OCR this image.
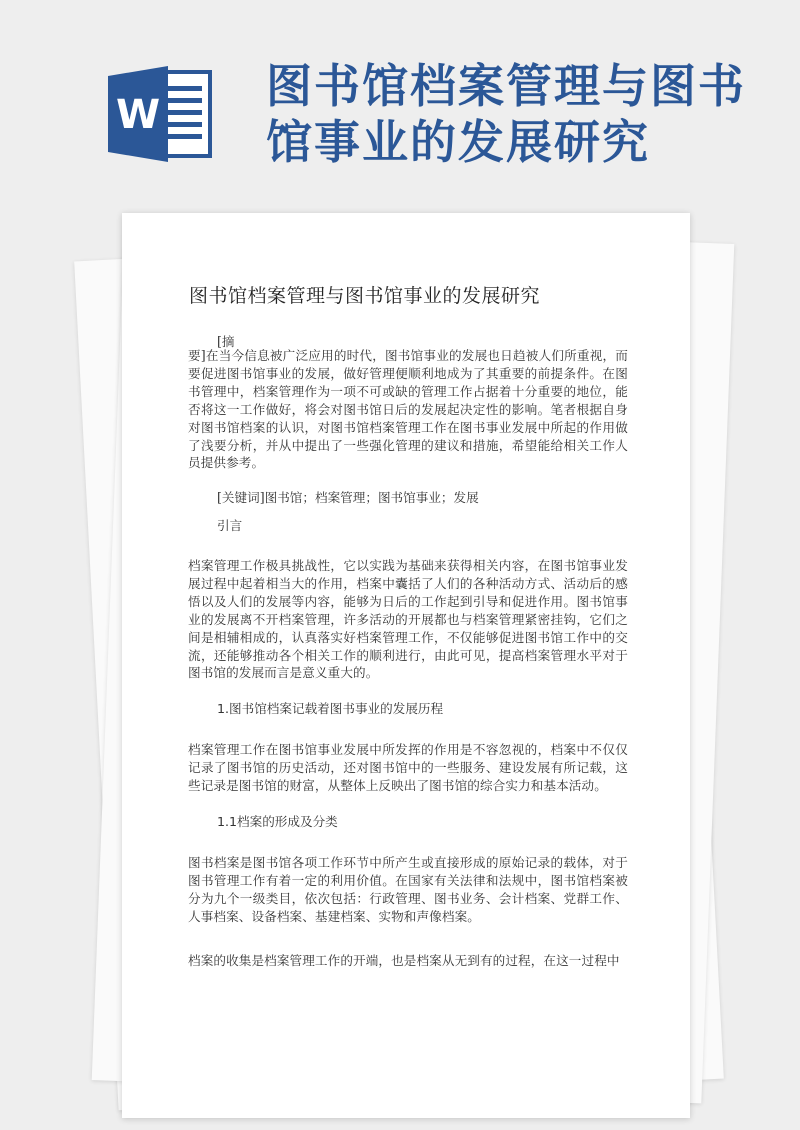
W
图书馆档案管理与图书馆事业的发展研究
图书馆档案管理与图书馆事业的发展研究

[摘

要]在当今信息被广泛应用的时代，图书馆事业的发展也日趋被人们所重视，而要促进图书馆事业的发展，做好管理便顺利地成为了其重要的前提条件。在图书管理中，档案管理作为一项不可或缺的管理工作占据着十分重要的地位，能否将这一工作做好，将会对图书馆日后的发展起决定性的影响。笔者根据自身对图书馆档案的认识，对图书馆档案管理工作在图书事业发展中所起的作用做了浅要分析，并从中提出了一些强化管理的建议和措施，希望能给相关工作人员提供参考。

[关键词]图书馆；档案管理；图书馆事业；发展

引言

档案管理工作极具挑战性，它以实践为基础来获得相关内容，在图书馆事业发展过程中起着相当大的作用，档案中囊括了人们的各种活动方式、活动后的感悟以及人们的发展等内容，能够为日后的工作起到引导和促进作用。图书馆事业的发展离不开档案管理，许多活动的开展都也与档案管理紧密挂钩，它们之间是相辅相成的，认真落实好档案管理工作，不仅能够促进图书馆工作中的交流，还能够推动各个相关工作的顺利进行，由此可见，提高档案管理水平对于图书馆的发展而言是意义重大的。

1.图书馆档案记载着图书事业的发展历程

档案管理工作在图书馆事业发展中所发挥的作用是不容忽视的，档案中不仅仅记录了图书馆的历史活动，还对图书馆中的一些服务、建设发展有所记载，这些记录是图书馆的财富，从整体上反映出了图书馆的综合实力和基本活动。

1.1档案的形成及分类

图书档案是图书馆各项工作环节中所产生或直接形成的原始记录的载体，对于图书管理工作有着一定的利用价值。在国家有关法律和法规中，图书馆档案被分为九个一级类目，依次包括：行政管理、图书业务、会计档案、党群工作、人事档案、设备档案、基建档案、实物和声像档案。

档案的收集是档案管理工作的开端，也是档案从无到有的过程，在这一过程中
